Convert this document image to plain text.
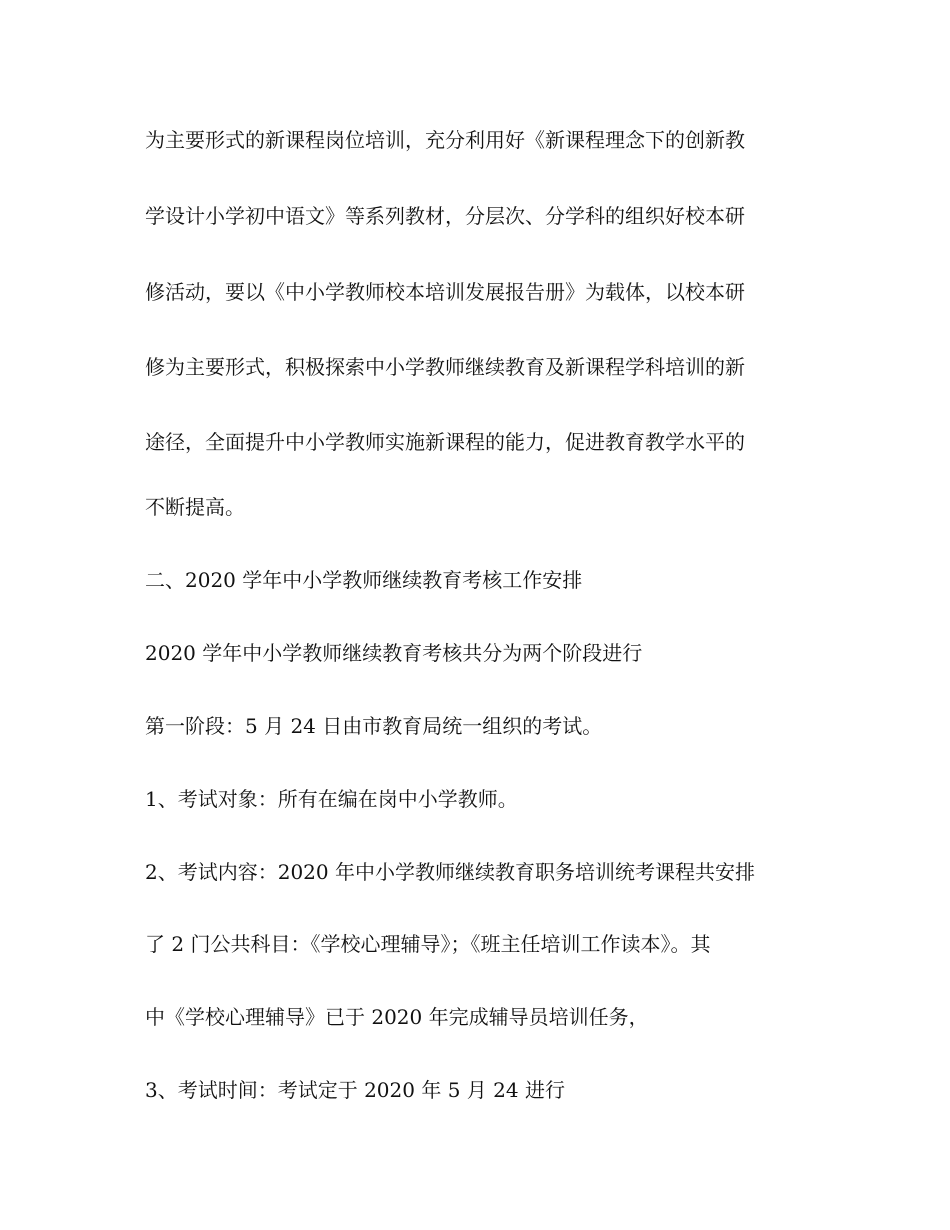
为主要形式的新课程岗位培训，充分利用好《新课程理念下的创新教

学设计小学初中语文》等系列教材，分层次、分学科的组织好校本研

修活动，要以《中小学教师校本培训发展报告册》为载体，以校本研

修为主要形式，积极探索中小学教师继续教育及新课程学科培训的新

途径，全面提升中小学教师实施新课程的能力，促进教育教学水平的

不断提高。

二、2020 学年中小学教师继续教育考核工作安排

2020 学年中小学教师继续教育考核共分为两个阶段进行

第一阶段：5 月 24 日由市教育局统一组织的考试。

1、考试对象：所有在编在岗中小学教师。

2、考试内容：2020 年中小学教师继续教育职务培训统考课程共安排

了 2 门公共科目：《学校心理辅导》；《班主任培训工作读本》。其

中《学校心理辅导》已于 2020 年完成辅导员培训任务，

3、考试时间：考试定于 2020 年 5 月 24 进行
